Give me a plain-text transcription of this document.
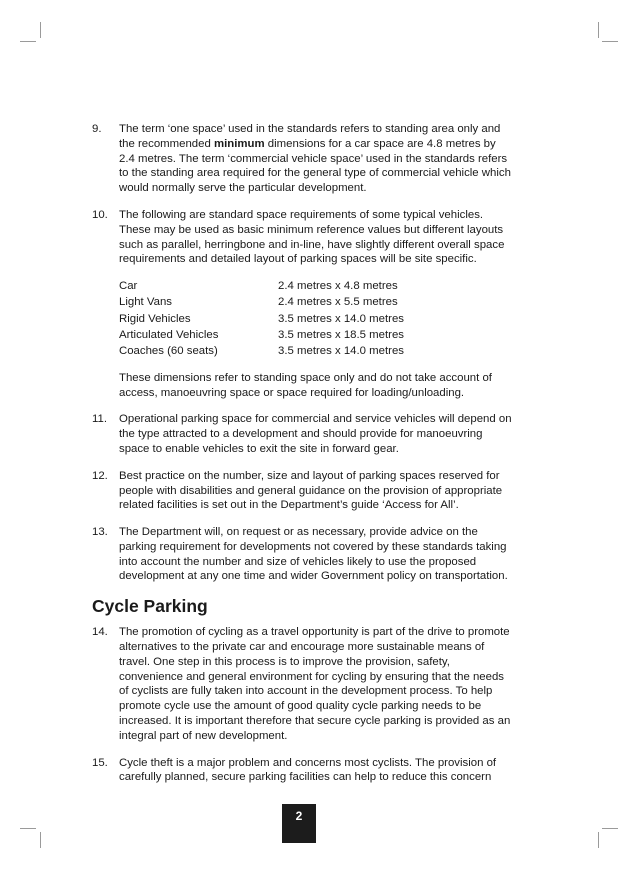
9.	The term ‘one space’ used in the standards refers to standing area only and the recommended minimum dimensions for a car space are 4.8 metres by 2.4 metres. The term ‘commercial vehicle space’ used in the standards refers to the standing area required for the general type of commercial vehicle which would normally serve the particular development.

10. The following are standard space requirements of some typical vehicles. These may be used as basic minimum reference values but different layouts such as parallel, herringbone and in-line, have slightly different overall space requirements and detailed layout of parking spaces will be site specific.

Car	2.4 metres x 4.8 metres
Light Vans	2.4 metres x 5.5 metres
Rigid Vehicles	3.5 metres x 14.0 metres
Articulated Vehicles	3.5 metres x 18.5 metres
Coaches (60 seats)	3.5 metres x 14.0 metres

These dimensions refer to standing space only and do not take account of access, manoeuvring space or space required for loading/unloading.

11.	Operational parking space for commercial and service vehicles will depend on the type attracted to a development and should provide for manoeuvring space to enable vehicles to exit the site in forward gear.

12. Best practice on the number, size and layout of parking spaces reserved for people with disabilities and general guidance on the provision of appropriate related facilities is set out in the Department’s guide ‘Access for All’.

13. The Department will, on request or as necessary, provide advice on the parking requirement for developments not covered by these standards taking into account the number and size of vehicles likely to use the proposed development at any one time and wider Government policy on transportation.

Cycle Parking
14. The promotion of cycling as a travel opportunity is part of the drive to promote alternatives to the private car and encourage more sustainable means of travel. One step in this process is to improve the provision, safety, convenience and general environment for cycling by ensuring that the needs of cyclists are fully taken into account in the development process. To help promote cycle use the amount of good quality cycle parking needs to be increased. It is important therefore that secure cycle parking is provided as an integral part of new development.

15. Cycle theft is a major problem and concerns most cyclists. The provision of carefully planned, secure parking facilities can help to reduce this concern

2
